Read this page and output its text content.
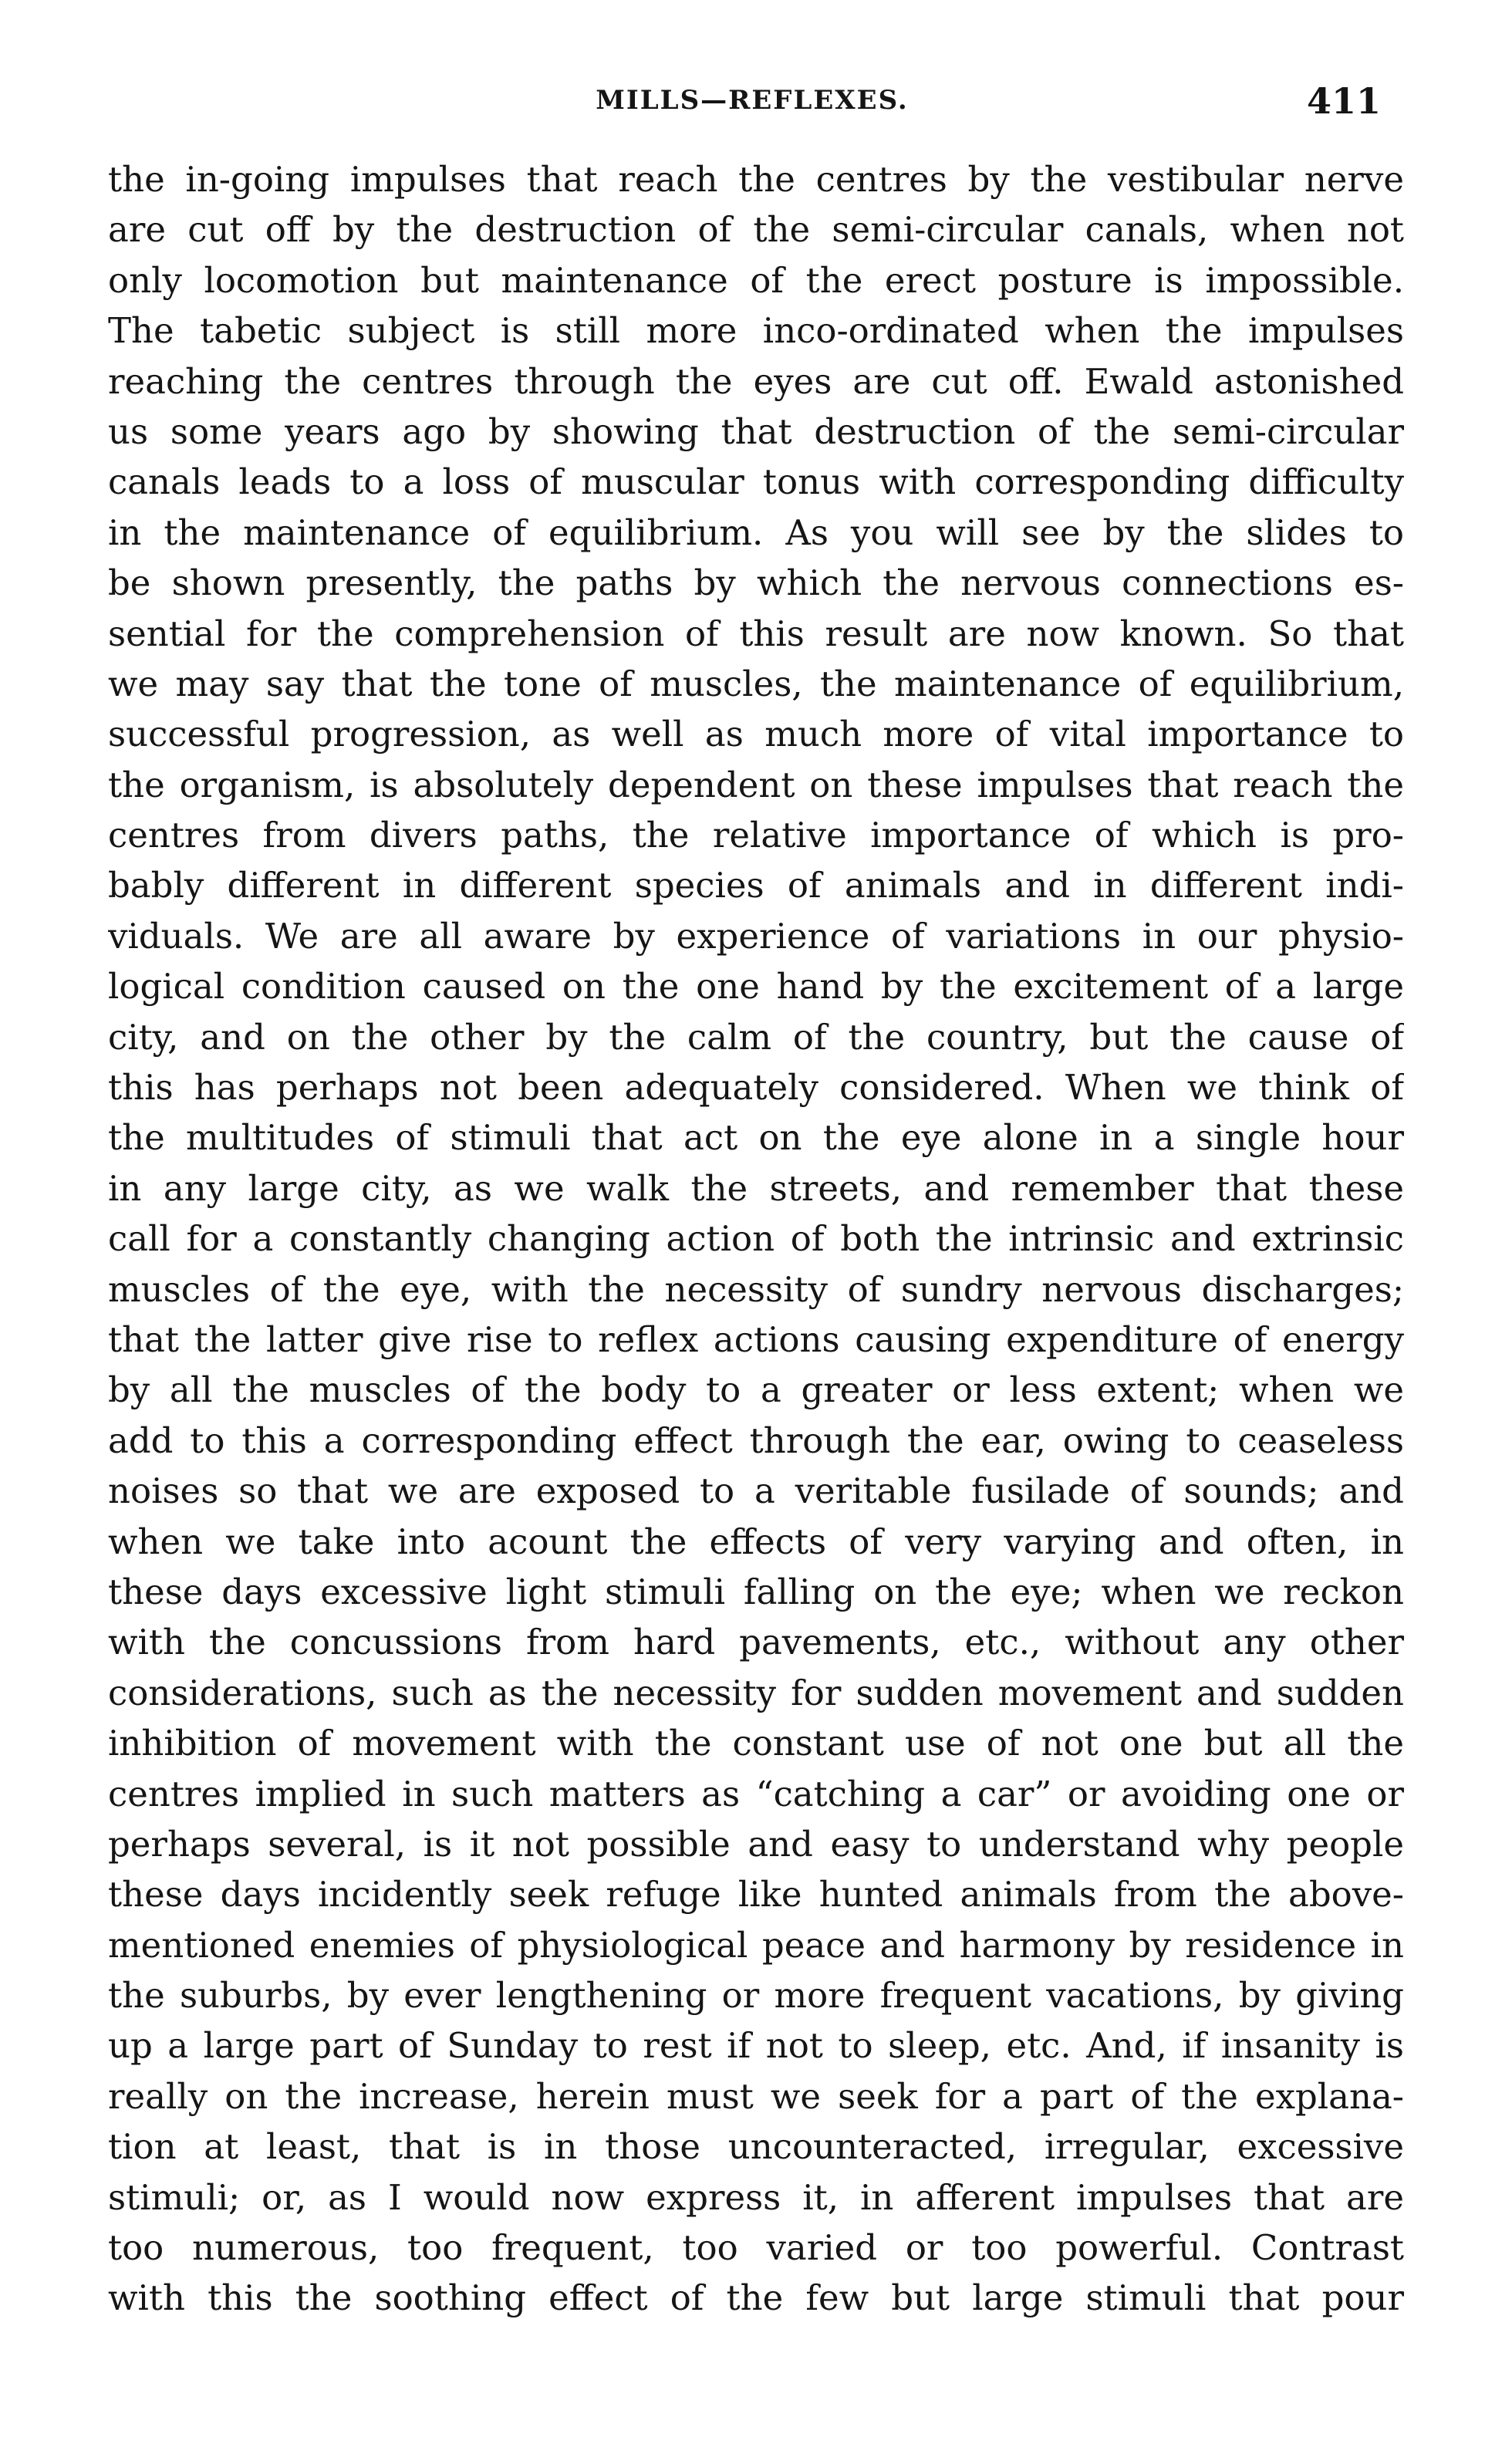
MILLS—REFLEXES.	411
the in-going impulses that reach the centres by the vestibular nerve
are cut off by the destruction of the semi-circular canals, when not
only locomotion but maintenance of the erect posture is impossible.
The tabetic subject is still more inco-ordinated when the impulses
reaching the centres through the eyes are cut off. Ewald astonished
us some years ago by showing that destruction of the semi-circular
canals leads to a loss of muscular tonus with corresponding difficulty
in the maintenance of equilibrium. As you will see by the slides to
be shown presently, the paths by which the nervous connections es-
sential for the comprehension of this result are now known. So that
we may say that the tone of muscles, the maintenance of equilibrium,
successful progression, as well as much more of vital importance to
the organism, is absolutely dependent on these impulses that reach the
centres from divers paths, the relative importance of which is pro-
bably different in different species of animals and in different indi-
viduals. We are all aware by experience of variations in our physio-
logical condition caused on the one hand by the excitement of a large
city, and on the other by the calm of the country, but the cause of
this has perhaps not been adequately considered. When we think of
the multitudes of stimuli that act on the eye alone in a single hour
in any large city, as we walk the streets, and remember that these
call for a constantly changing action of both the intrinsic and extrinsic
muscles of the eye, with the necessity of sundry nervous discharges;
that the latter give rise to reflex actions causing expenditure of energy
by all the muscles of the body to a greater or less extent; when we
add to this a corresponding effect through the ear, owing to ceaseless
noises so that we are exposed to a veritable fusilade of sounds; and
when we take into acount the effects of very varying and often, in
these days excessive light stimuli falling on the eye; when we reckon
with the concussions from hard pavements, etc., without any other
considerations, such as the necessity for sudden movement and sudden
inhibition of movement with the constant use of not one but all the
centres implied in such matters as “catching a car” or avoiding one or
perhaps several, is it not possible and easy to understand why people
these days incidently seek refuge like hunted animals from the above-
mentioned enemies of physiological peace and harmony by residence in
the suburbs, by ever lengthening or more frequent vacations, by giving
up a large part of Sunday to rest if not to sleep, etc. And, if insanity is
really on the increase, herein must we seek for a part of the explana-
tion at least, that is in those uncounteracted, irregular, excessive
stimuli; or, as I would now express it, in afferent impulses that are
too numerous, too frequent, too varied or too powerful. Contrast
with this the soothing effect of the few but large stimuli that pour
